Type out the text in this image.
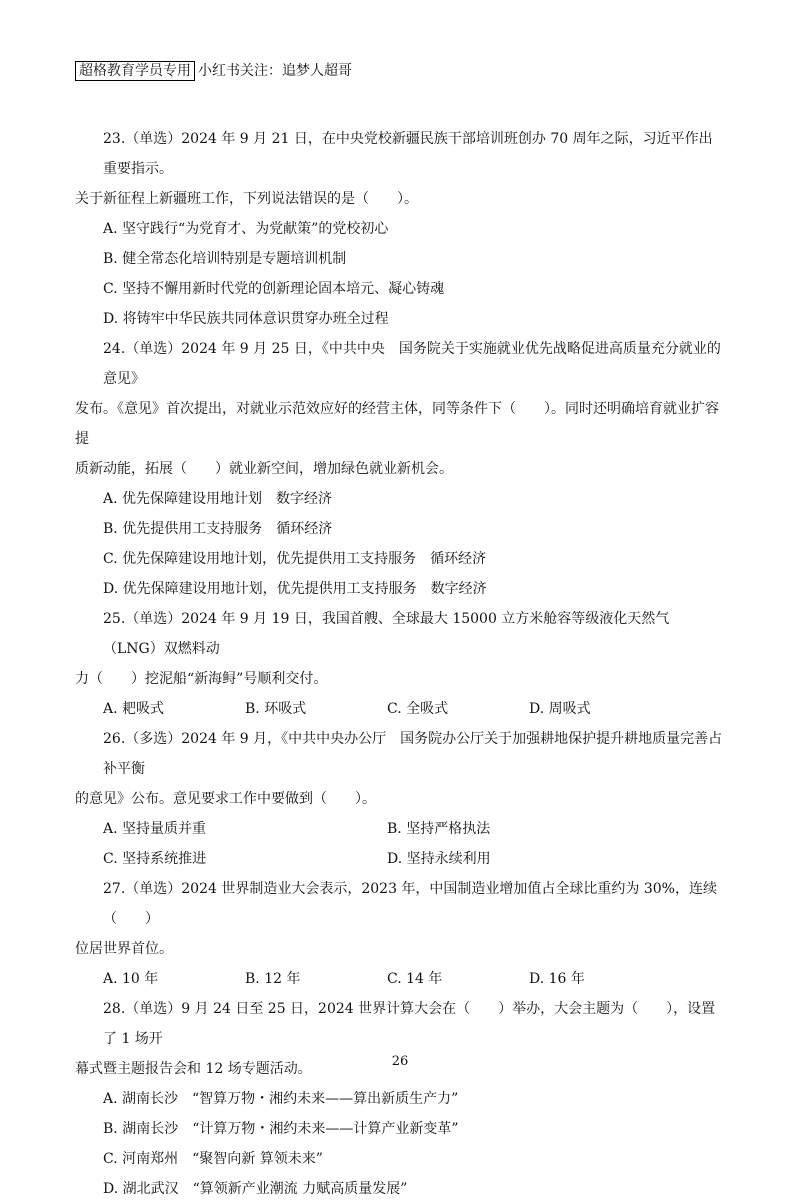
超格教育学员专用 小红书关注：追梦人超哥

23.（单选）2024 年 9 月 21 日，在中央党校新疆民族干部培训班创办 70 周年之际，习近平作出重要指示。
关于新征程上新疆班工作，下列说法错误的是（　　）。

A. 坚守践行“为党育才、为党献策”的党校初心

B. 健全常态化培训特别是专题培训机制

C. 坚持不懈用新时代党的创新理论固本培元、凝心铸魂

D. 将铸牢中华民族共同体意识贯穿办班全过程

24.（单选）2024 年 9 月 25 日，《中共中央　国务院关于实施就业优先战略促进高质量充分就业的意见》
发布。《意见》首次提出，对就业示范效应好的经营主体，同等条件下（　　）。同时还明确培育就业扩容提
质新动能，拓展（　　）就业新空间，增加绿色就业新机会。

A. 优先保障建设用地计划　数字经济

B. 优先提供用工支持服务　循环经济

C. 优先保障建设用地计划，优先提供用工支持服务　循环经济

D. 优先保障建设用地计划，优先提供用工支持服务　数字经济

25.（单选）2024 年 9 月 19 日，我国首艘、全球最大 15000 立方米舱容等级液化天然气（LNG）双燃料动
力（　　）挖泥船“新海鲟”号顺利交付。

A. 耙吸式	B. 环吸式	C. 全吸式	D. 周吸式

26.（多选）2024 年 9 月，《中共中央办公厅　国务院办公厅关于加强耕地保护提升耕地质量完善占补平衡
的意见》公布。意见要求工作中要做到（　　）。

A. 坚持量质并重	B. 坚持严格执法
C. 坚持系统推进	D. 坚持永续利用

27.（单选）2024 世界制造业大会表示，2023 年，中国制造业增加值占全球比重约为 30%，连续（　　）
位居世界首位。

A. 10 年	B. 12 年	C. 14 年	D. 16 年

28.（单选）9 月 24 日至 25 日，2024 世界计算大会在（　　）举办，大会主题为（　　），设置了 1 场开
幕式暨主题报告会和 12 场专题活动。

A. 湖南长沙　“智算万物・湘约未来——算出新质生产力”

B. 湖南长沙　“计算万物・湘约未来——计算产业新变革”

C. 河南郑州　“聚智向新 算领未来”

D. 湖北武汉　“算领新产业潮流 力赋高质量发展”

26
